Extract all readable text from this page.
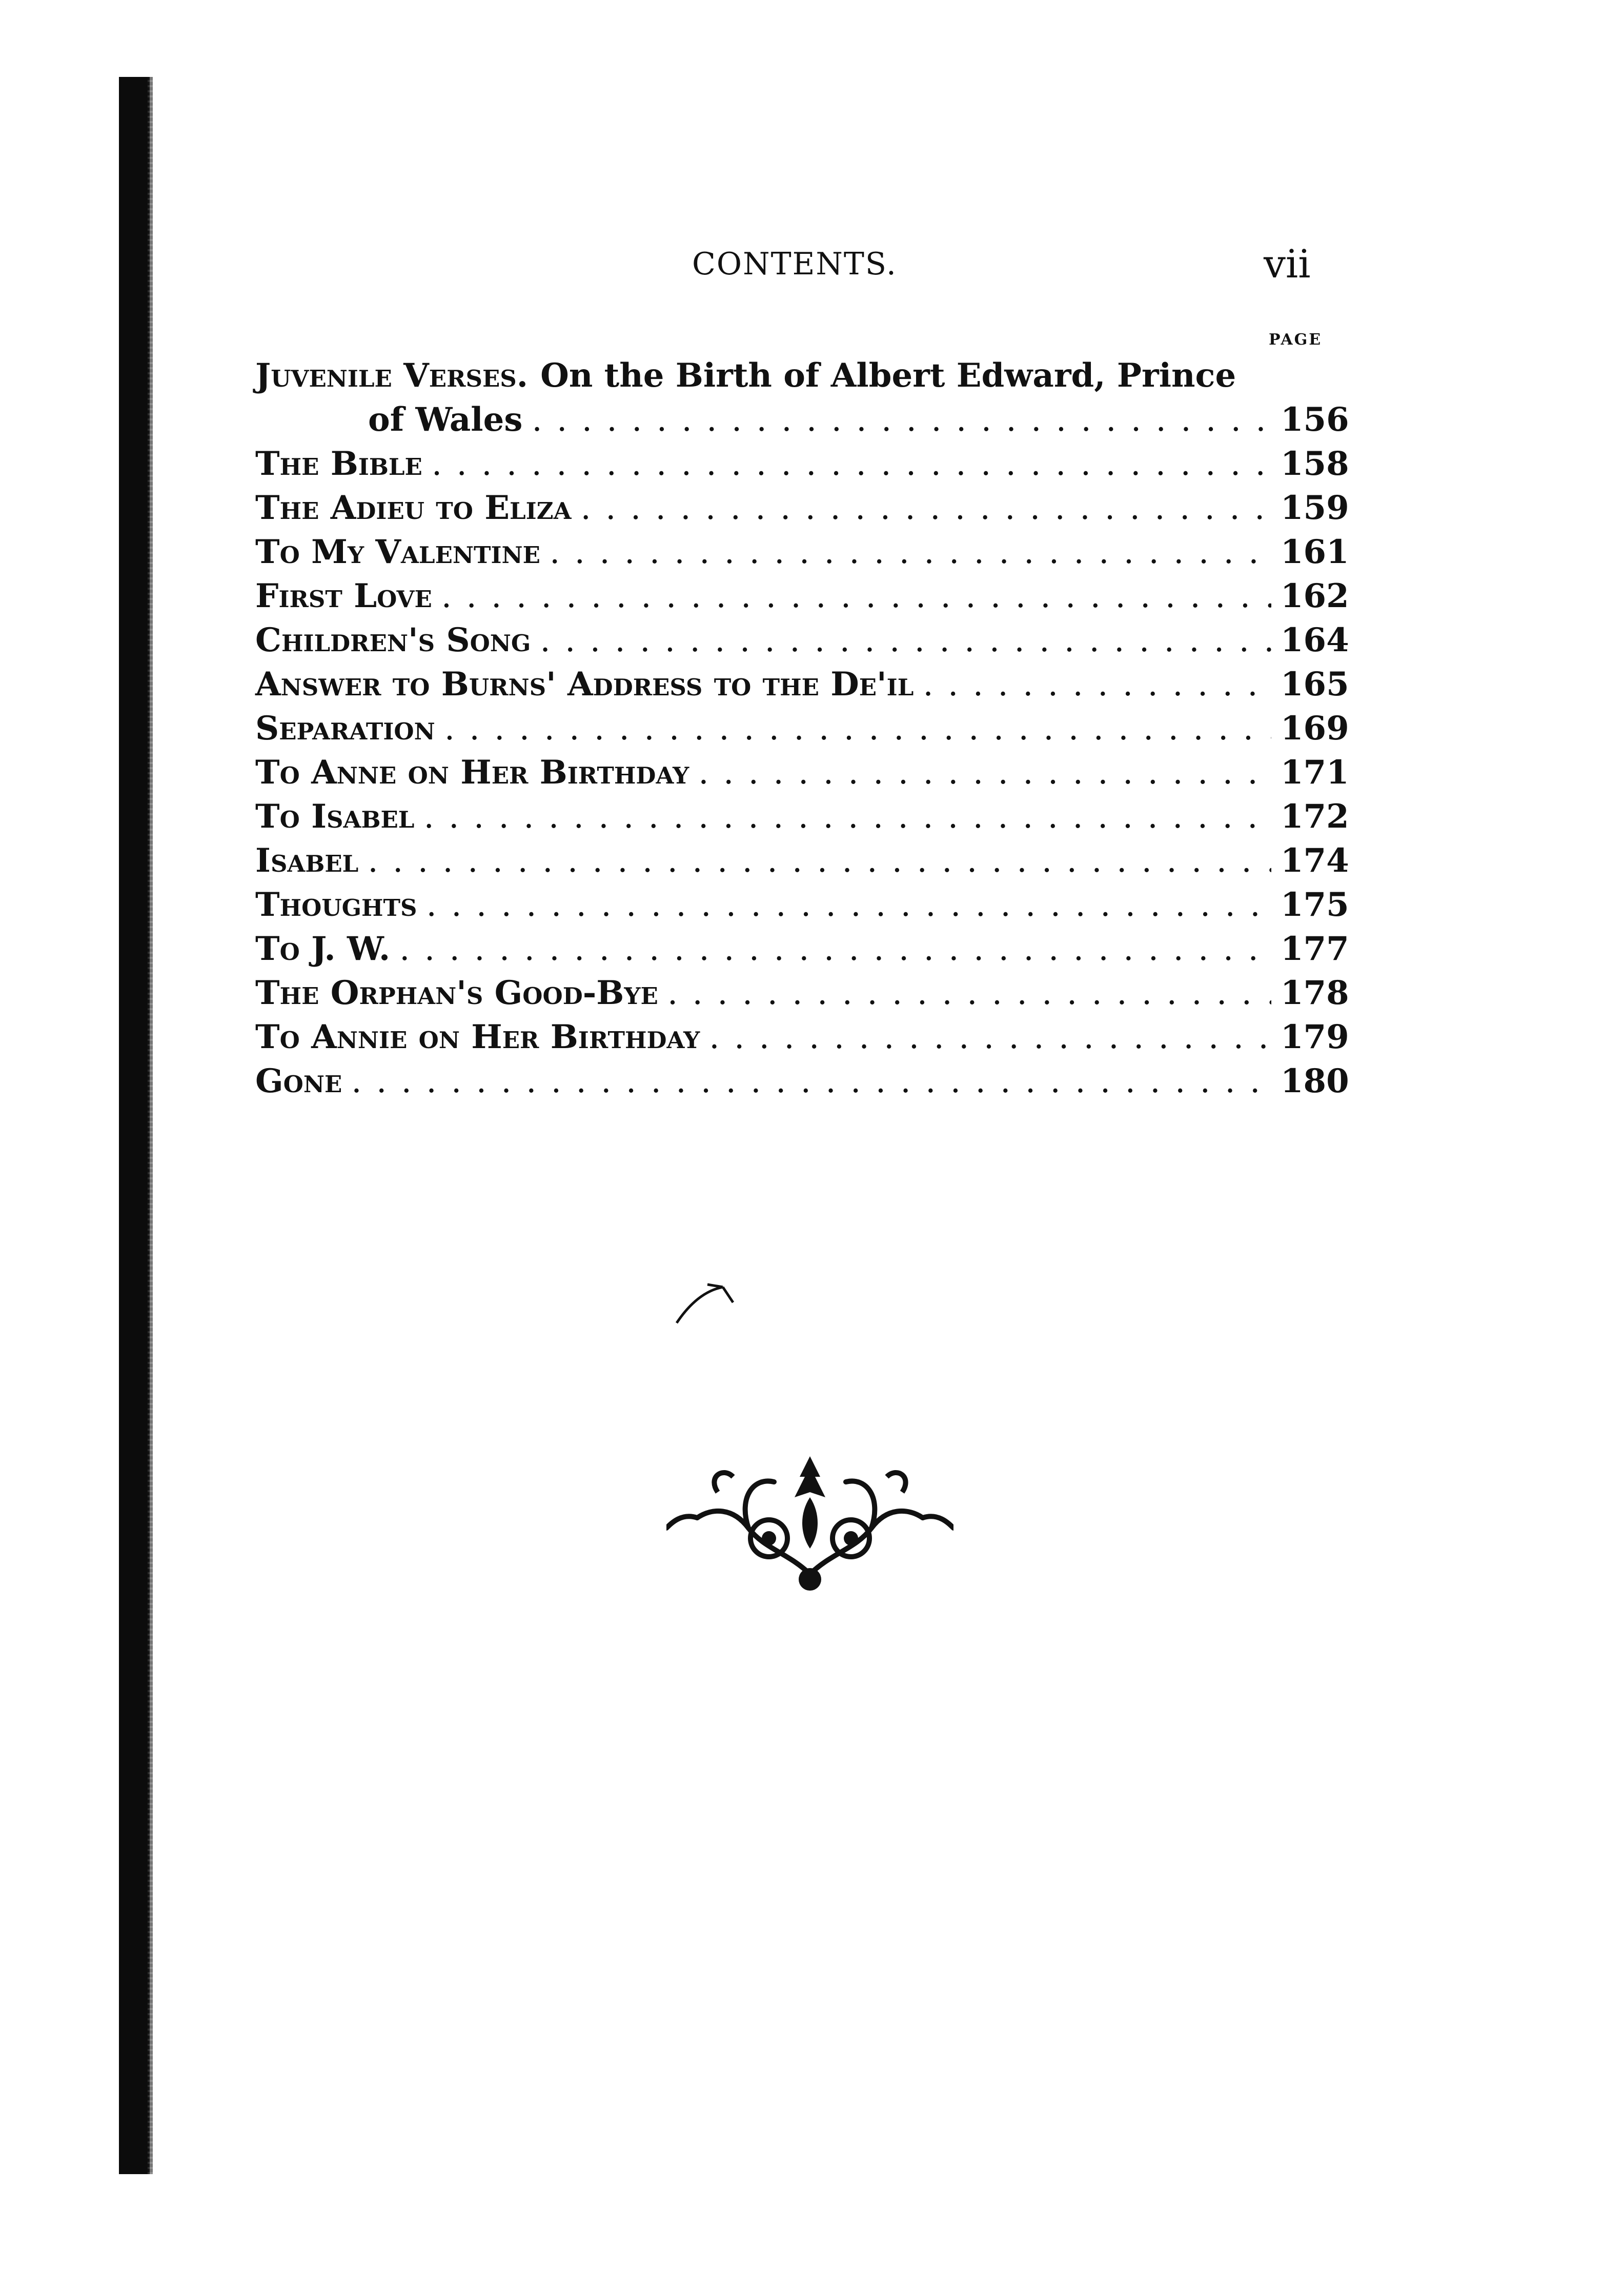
CONTENTS.	vii
PAGE
Juvenile Verses. On the Birth of Albert Edward, Prince
of Wales . . .	156
The Bible . . .	158
The Adieu to Eliza . . .	159
To My Valentine . . .	161
First Love . . .	162
Children's Song . . .	164
Answer to Burns' Address to the De'il . . .	165
Separation . . .	169
To Anne on Her Birthday . . .	171
To Isabel . . .	172
Isabel . . .	174
Thoughts . . .	175
To J. W. . . .	177
The Orphan's Good-Bye . . .	178
To Annie on Her Birthday . . .	179
Gone . . .	180
